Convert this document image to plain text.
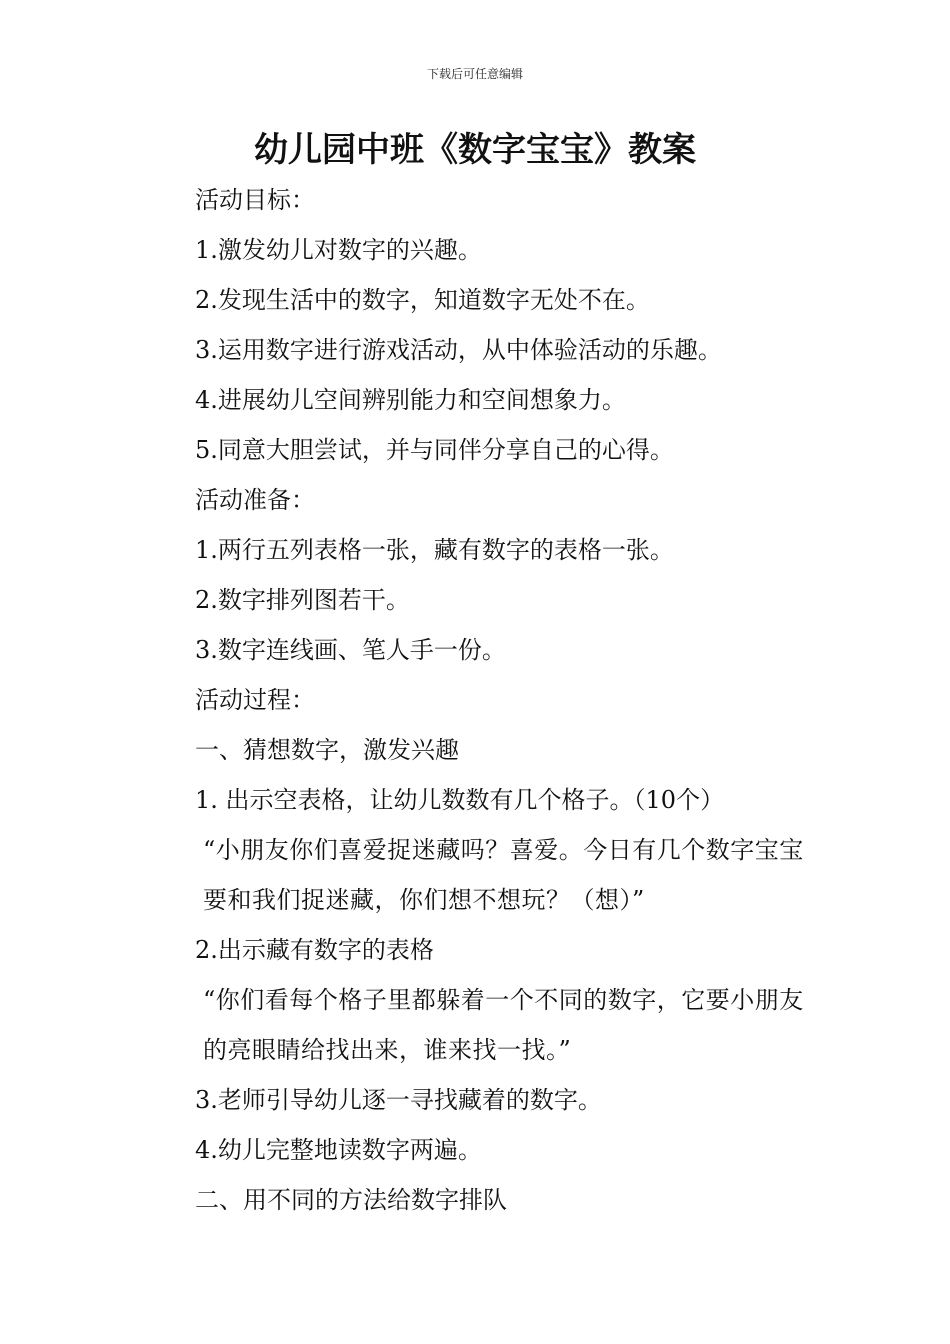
下载后可任意编辑
幼儿园中班《数字宝宝》教案
活动目标：
1.激发幼儿对数字的兴趣。
2.发现生活中的数字，知道数字无处不在。
3.运用数字进行游戏活动，从中体验活动的乐趣。
4.进展幼儿空间辨别能力和空间想象力。
5.同意大胆尝试，并与同伴分享自己的心得。
活动准备：
1.两行五列表格一张，藏有数字的表格一张。
2.数字排列图若干。
3.数字连线画、笔人手一份。
活动过程：
一、猜想数字，激发兴趣
1. 出示空表格，让幼儿数数有几个格子。（10个）
“小朋友你们喜爱捉迷藏吗？喜爱。今日有几个数字宝宝要和我们捉迷藏，你们想不想玩？（想）”
2.出示藏有数字的表格
“你们看每个格子里都躲着一个不同的数字，它要小朋友的亮眼睛给找出来，谁来找一找。”
3.老师引导幼儿逐一寻找藏着的数字。
4.幼儿完整地读数字两遍。
二、用不同的方法给数字排队
